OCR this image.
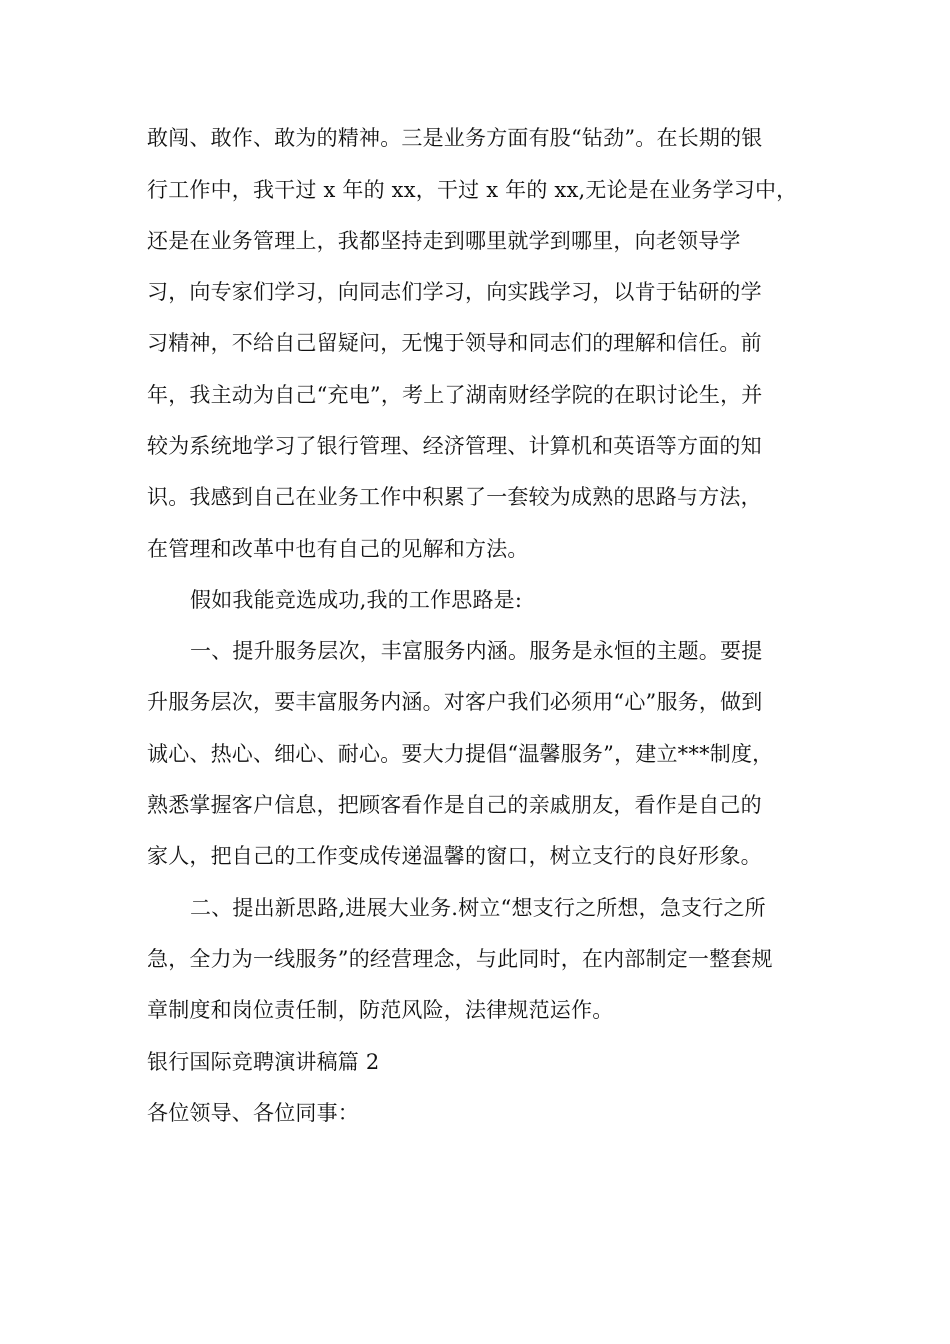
敢闯、敢作、敢为的精神。三是业务方面有股“钻劲”。在长期的银
行工作中，我干过 x 年的 xx，干过 x 年的 xx,无论是在业务学习中，
还是在业务管理上，我都坚持走到哪里就学到哪里，向老领导学
习，向专家们学习，向同志们学习，向实践学习，以肯于钻研的学
习精神，不给自己留疑问，无愧于领导和同志们的理解和信任。前
年，我主动为自己“充电”，考上了湖南财经学院的在职讨论生，并
较为系统地学习了银行管理、经济管理、计算机和英语等方面的知
识。我感到自己在业务工作中积累了一套较为成熟的思路与方法，
在管理和改革中也有自己的见解和方法。
假如我能竞选成功,我的工作思路是:
一、提升服务层次，丰富服务内涵。服务是永恒的主题。要提
升服务层次，要丰富服务内涵。对客户我们必须用“心”服务，做到
诚心、热心、细心、耐心。要大力提倡“温馨服务”，建立***制度，
熟悉掌握客户信息，把顾客看作是自己的亲戚朋友，看作是自己的
家人，把自己的工作变成传递温馨的窗口，树立支行的良好形象。
二、提出新思路,进展大业务.树立“想支行之所想，急支行之所
急，全力为一线服务”的经营理念，与此同时，在内部制定一整套规
章制度和岗位责任制，防范风险，法律规范运作。
银行国际竞聘演讲稿篇 2
各位领导、各位同事：
